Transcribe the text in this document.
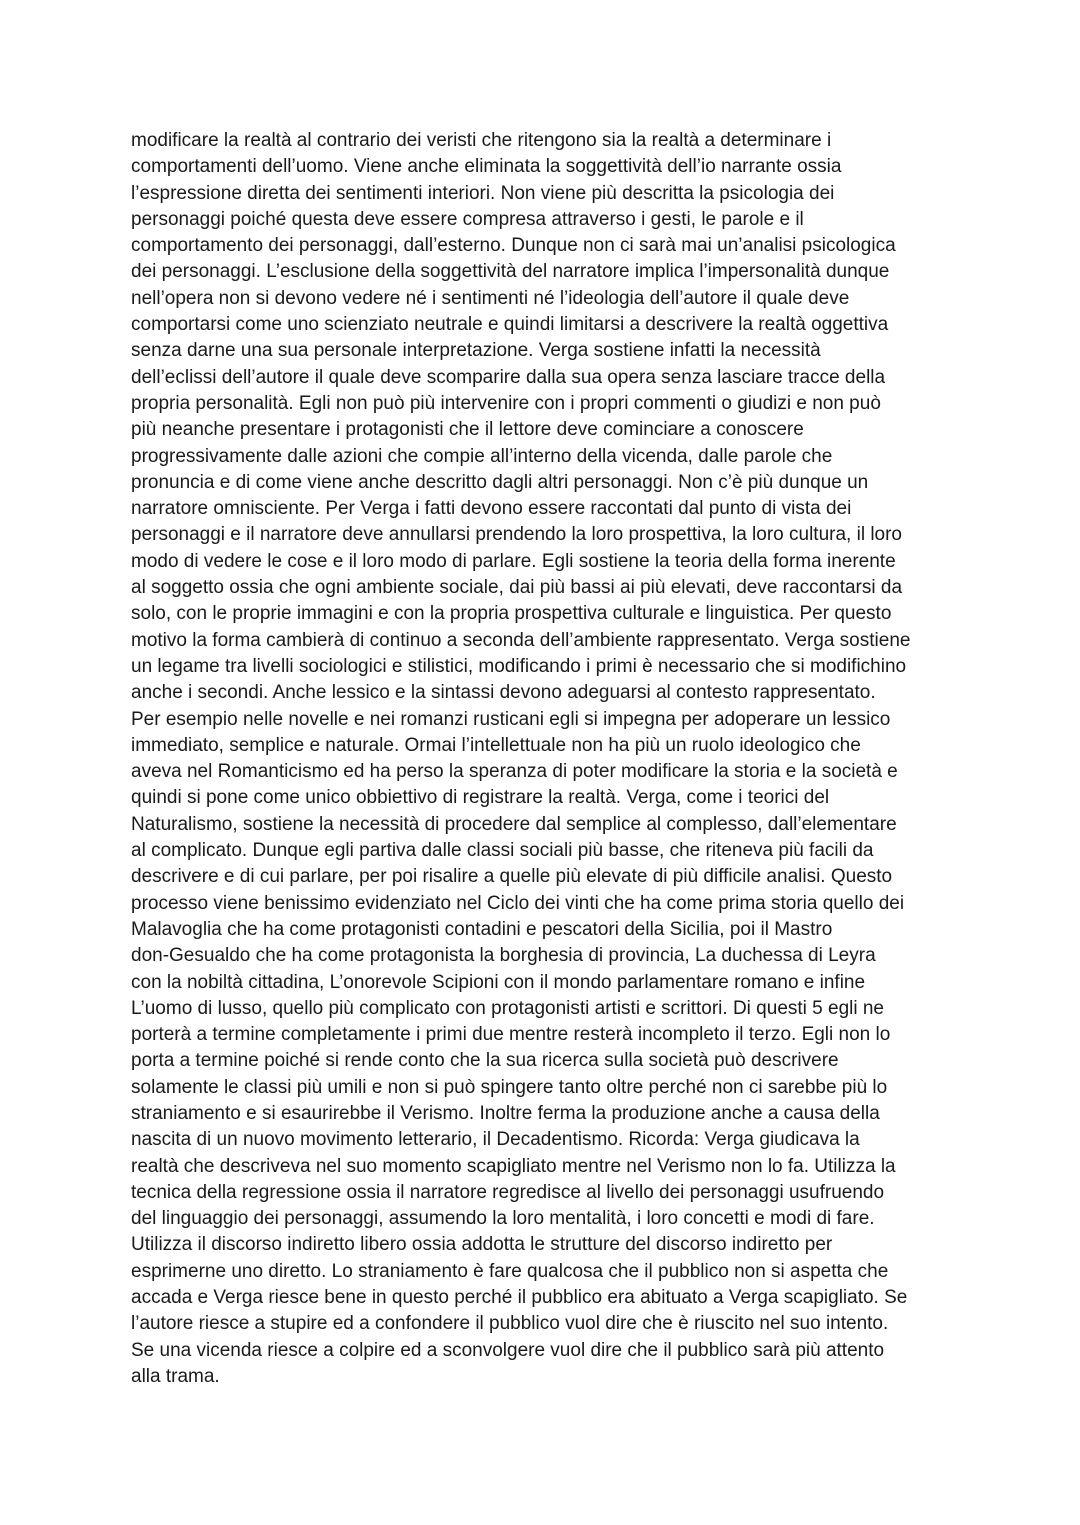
modificare la realtà al contrario dei veristi che ritengono sia la realtà a determinare i
comportamenti dell’uomo. Viene anche eliminata la soggettività dell’io narrante ossia
l’espressione diretta dei sentimenti interiori. Non viene più descritta la psicologia dei
personaggi poiché questa deve essere compresa attraverso i gesti, le parole e il
comportamento dei personaggi, dall’esterno. Dunque non ci sarà mai un’analisi psicologica
dei personaggi. L’esclusione della soggettività del narratore implica l’impersonalità dunque
nell’opera non si devono vedere né i sentimenti né l’ideologia dell’autore il quale deve
comportarsi come uno scienziato neutrale e quindi limitarsi a descrivere la realtà oggettiva
senza darne una sua personale interpretazione. Verga sostiene infatti la necessità
dell’eclissi dell’autore il quale deve scomparire dalla sua opera senza lasciare tracce della
propria personalità. Egli non può più intervenire con i propri commenti o giudizi e non può
più neanche presentare i protagonisti che il lettore deve cominciare a conoscere
progressivamente dalle azioni che compie all’interno della vicenda, dalle parole che
pronuncia e di come viene anche descritto dagli altri personaggi. Non c’è più dunque un
narratore omnisciente. Per Verga i fatti devono essere raccontati dal punto di vista dei
personaggi e il narratore deve annullarsi prendendo la loro prospettiva, la loro cultura, il loro
modo di vedere le cose e il loro modo di parlare. Egli sostiene la teoria della forma inerente
al soggetto ossia che ogni ambiente sociale, dai più bassi ai più elevati, deve raccontarsi da
solo, con le proprie immagini e con la propria prospettiva culturale e linguistica. Per questo
motivo la forma cambierà di continuo a seconda dell’ambiente rappresentato. Verga sostiene
un legame tra livelli sociologici e stilistici, modificando i primi è necessario che si modifichino
anche i secondi. Anche lessico e la sintassi devono adeguarsi al contesto rappresentato.
Per esempio nelle novelle e nei romanzi rusticani egli si impegna per adoperare un lessico
immediato, semplice e naturale. Ormai l’intellettuale non ha più un ruolo ideologico che
aveva nel Romanticismo ed ha perso la speranza di poter modificare la storia e la società e
quindi si pone come unico obbiettivo di registrare la realtà. Verga, come i teorici del
Naturalismo, sostiene la necessità di procedere dal semplice al complesso, dall’elementare
al complicato. Dunque egli partiva dalle classi sociali più basse, che riteneva più facili da
descrivere e di cui parlare, per poi risalire a quelle più elevate di più difficile analisi. Questo
processo viene benissimo evidenziato nel Ciclo dei vinti che ha come prima storia quello dei
Malavoglia che ha come protagonisti contadini e pescatori della Sicilia, poi il Mastro
don-Gesualdo che ha come protagonista la borghesia di provincia, La duchessa di Leyra
con la nobiltà cittadina, L’onorevole Scipioni con il mondo parlamentare romano e infine
L’uomo di lusso, quello più complicato con protagonisti artisti e scrittori. Di questi 5 egli ne
porterà a termine completamente i primi due mentre resterà incompleto il terzo. Egli non lo
porta a termine poiché si rende conto che la sua ricerca sulla società può descrivere
solamente le classi più umili e non si può spingere tanto oltre perché non ci sarebbe più lo
straniamento e si esaurirebbe il Verismo. Inoltre ferma la produzione anche a causa della
nascita di un nuovo movimento letterario, il Decadentismo. Ricorda: Verga giudicava la
realtà che descriveva nel suo momento scapigliato mentre nel Verismo non lo fa. Utilizza la
tecnica della regressione ossia il narratore regredisce al livello dei personaggi usufruendo
del linguaggio dei personaggi, assumendo la loro mentalità, i loro concetti e modi di fare.
Utilizza il discorso indiretto libero ossia addotta le strutture del discorso indiretto per
esprimerne uno diretto. Lo straniamento è fare qualcosa che il pubblico non si aspetta che
accada e Verga riesce bene in questo perché il pubblico era abituato a Verga scapigliato. Se
l’autore riesce a stupire ed a confondere il pubblico vuol dire che è riuscito nel suo intento.
Se una vicenda riesce a colpire ed a sconvolgere vuol dire che il pubblico sarà più attento
alla trama.
